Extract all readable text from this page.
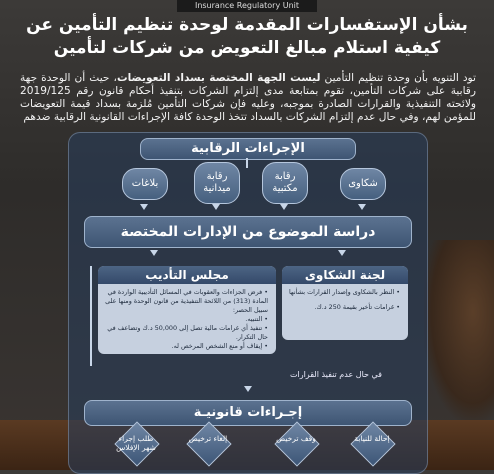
Insurance Regulatory Unit
بشأن الإستفسارات المقدمة لوحدة تنظيم التأمين عن
كيفية استلام مبالغ التعويض من شركات لتأمين
تود التنويه بأن وحدة تنظيم التأمين ليست الجهة المختصة بسداد التعويضات، حيث أن الوحدة جهة رقابية على شركات التأمين، تقوم بمتابعة مدى إلتزام الشركات بتنفيذ أحكام قانون رقم 2019/125 ولائحته التنفيذية والقرارات الصادرة بموجبه، وعليه فإن شركات التأمين مُلزمة بسداد قيمة التعويضات للمؤمن لهم، وفي حال عدم إلتزام الشركات بالسداد تتخذ الوحدة كافة الإجراءات القانونية الرقابية ضدهم
الإجراءات الرقابية
شكاوى
رقابة مكتبية
رقابة ميدانية
بلاغات
دراسة الموضوع من الإدارات المختصة
لجنة الشكاوى
• النظر بالشكاوى وإصدار القرارات بشأنها
• غرامات تأخير بقيمة 250 د.ك.
مجلس التأديب
• فرض الجزاءات والعقوبات في المسائل التأديبية الواردة في المادة (313) من اللائحة التنفيذية من قانون الوحدة ومنها على سبيل الحصر:
• التنبيه.
• تنفيذ أي غرامات مالية تصل إلى 50,000 د.ك وتضاعف في حال التكرار.
• إيقاف أو منع الشخص المرخص له.
في حال عدم تنفيذ القرارات
إجـراءات قانونيـة
إحالة للنيابة
وقف ترخيص
إلغاء ترخيص
طلب إجراء شهر الإفلاس
